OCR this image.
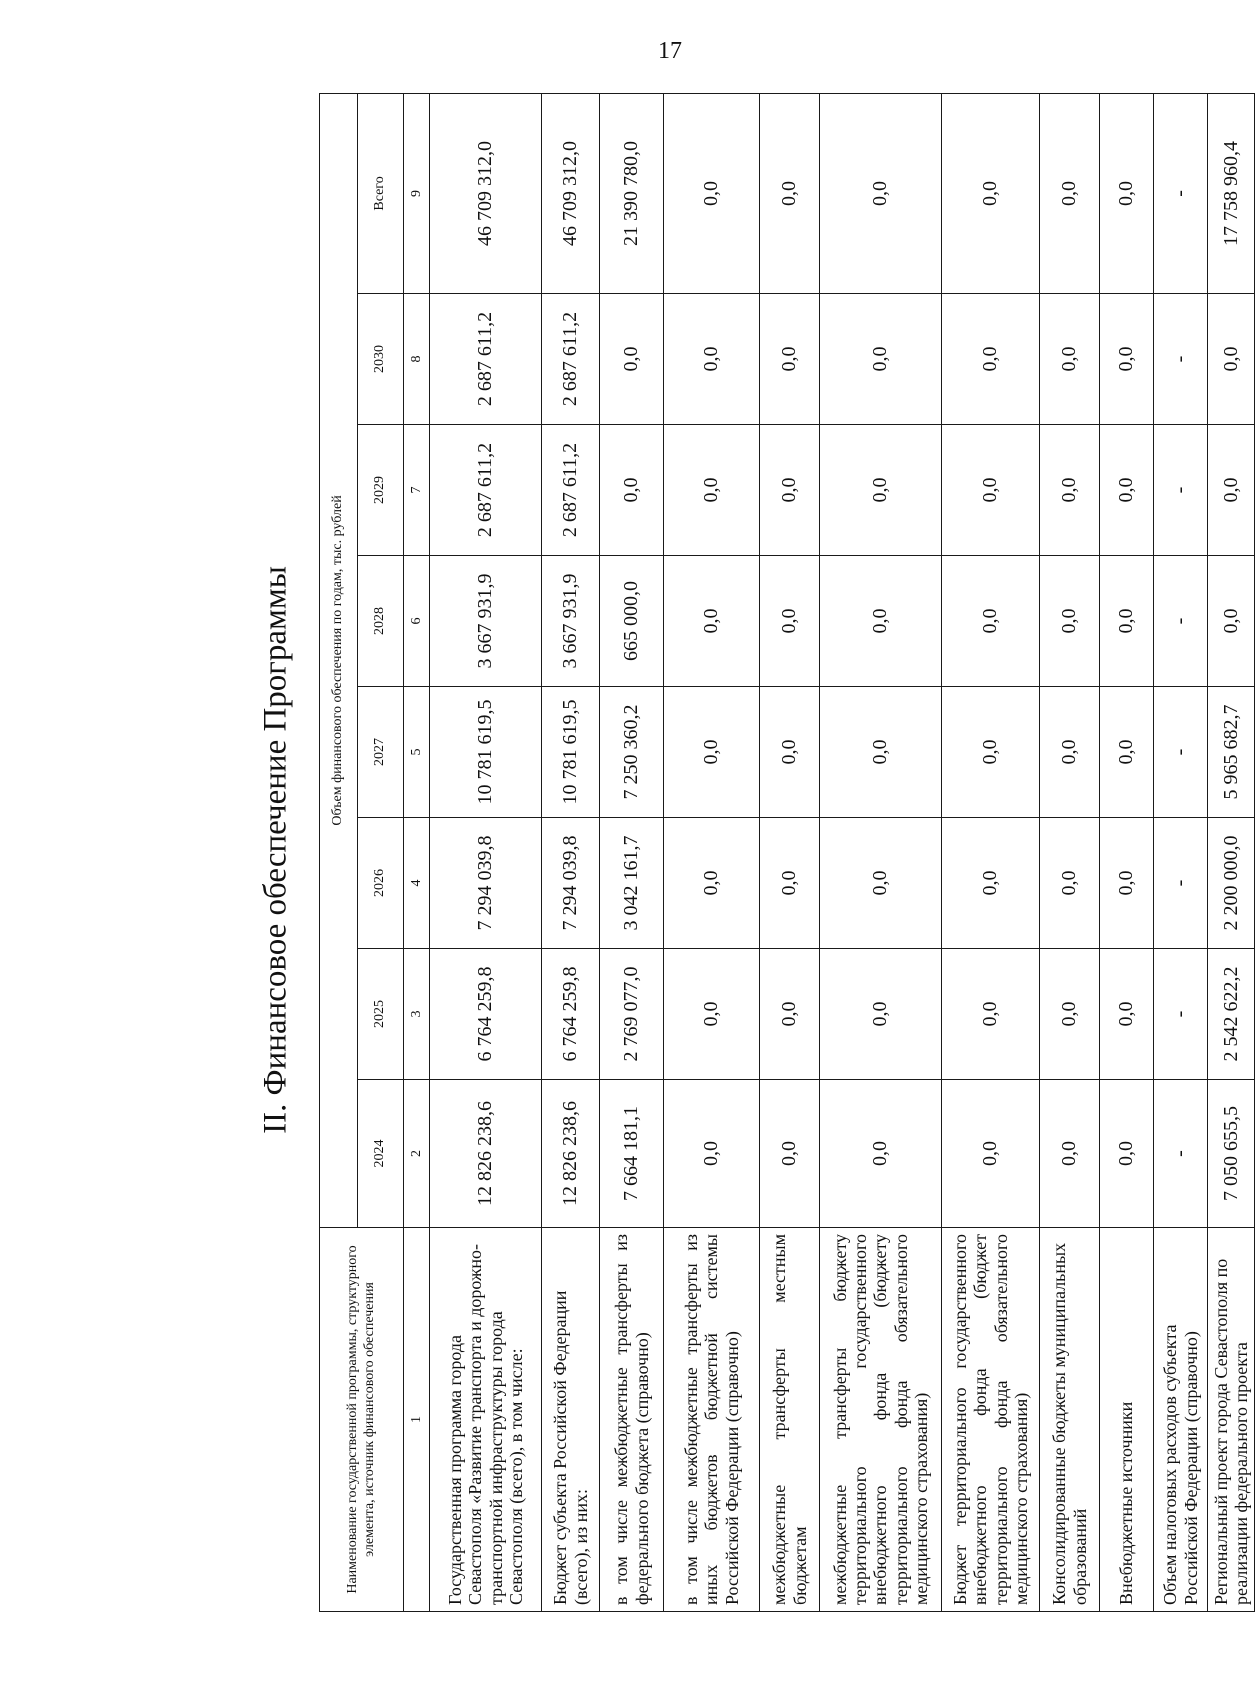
17
II. Финансовое обеспечение Программы
Наименование государственной программы, структурного элемента, источник финансового обеспечения	Объем финансового обеспечения по годам, тыс. рублей							
	2024	2025	2026	2027	2028	2029	2030	Всего
1	2	3	4	5	6	7	8	9
Государственная программа города Севастополя «Развитие транспорта и дорожно-транспортной инфраструктуры города Севастополя (всего), в том числе:	12 826 238,6	6 764 259,8	7 294 039,8	10 781 619,5	3 667 931,9	2 687 611,2	2 687 611,2	46 709 312,0
Бюджет субъекта Российской Федерации (всего), из них:	12 826 238,6	6 764 259,8	7 294 039,8	10 781 619,5	3 667 931,9	2 687 611,2	2 687 611,2	46 709 312,0
в том числе межбюджетные трансферты из федерального бюджета (справочно)	7 664 181,1	2 769 077,0	3 042 161,7	7 250 360,2	665 000,0	0,0	0,0	21 390 780,0
в том числе межбюджетные трансферты из иных бюджетов бюджетной системы Российской Федерации (справочно)	0,0	0,0	0,0	0,0	0,0	0,0	0,0	0,0
межбюджетные трансферты местным бюджетам	0,0	0,0	0,0	0,0	0,0	0,0	0,0	0,0
межбюджетные трансферты бюджету территориального государственного внебюджетного фонда (бюджету территориального фонда обязательного медицинского страхования)	0,0	0,0	0,0	0,0	0,0	0,0	0,0	0,0
Бюджет территориального государственного внебюджетного фонда (бюджет территориального фонда обязательного медицинского страхования)	0,0	0,0	0,0	0,0	0,0	0,0	0,0	0,0
Консолидированные бюджеты муниципальных образований	0,0	0,0	0,0	0,0	0,0	0,0	0,0	0,0
Внебюджетные источники	0,0	0,0	0,0	0,0	0,0	0,0	0,0	0,0
Объем налоговых расходов субъекта Российской Федерации (справочно)	-	-	-	-	-	-	-	-
Региональный проект города Севастополя по реализации федерального проекта	7 050 655,5	2 542 622,2	2 200 000,0	5 965 682,7	0,0	0,0	0,0	17 758 960,4
